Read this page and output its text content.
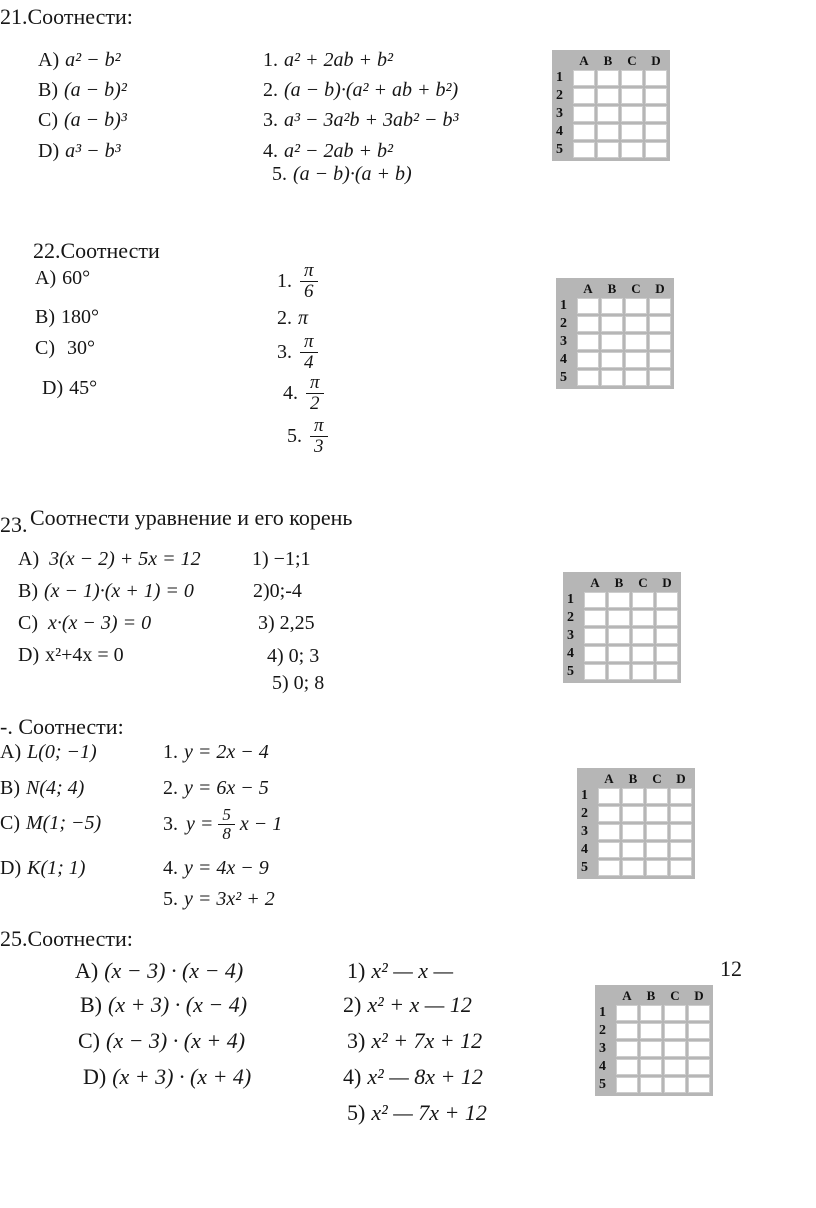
21.Соотнести:
A) a² − b²
B) (a − b)²
C) (a − b)³
D) a³ − b³
1. a² + 2ab + b²
2. (a − b)·(a² + ab + b²)
3. a³ − 3a²b + 3ab² − b³
4. a² − 2ab + b²
5. (a − b)·(a + b)
A	B	C	D
1
2
3
4
5
22.Соотнести
A) 60°
B) 180°
C) 30°
D) 45°
1. $\frac{\pi}{6}$
2. π
3. $\frac{\pi}{4}$
4. $\frac{\pi}{2}$
5. $\frac{\pi}{3}$
A	B	C	D
1
2
3
4
5
23. Соотнести уравнение и его корень
A) 3(x − 2) + 5x = 12
B) (x − 1)·(x + 1) = 0
C) x·(x − 3) = 0
D) x²+4x = 0
1) −1;1
2)0;-4
3) 2,25
4) 0; 3
5) 0; 8
A	B	C	D
1
2
3
4
5
-. Соотнести:
A) L(0; −1)
B) N(4; 4)
C) M(1; −5)
D) K(1; 1)
1. y = 2x − 4
2. y = 6x − 5
3. $y = \frac{5}{8}$ x − 1
4. y = 4x − 9
5. y = 3x² + 2
A	B	C	D
1
2
3
4
5
25.Соотнести:
A) (x − 3) · (x − 4)
B) (x + 3) · (x − 4)
C) (x − 3) · (x + 4)
D) (x + 3) · (x + 4)
1) x² — x —
2) x² + x — 12
3) x² + 7x + 12
4) x² — 8x + 12
5) x² — 7x + 12
12
A	B	C	D
1
2
3
4
5
